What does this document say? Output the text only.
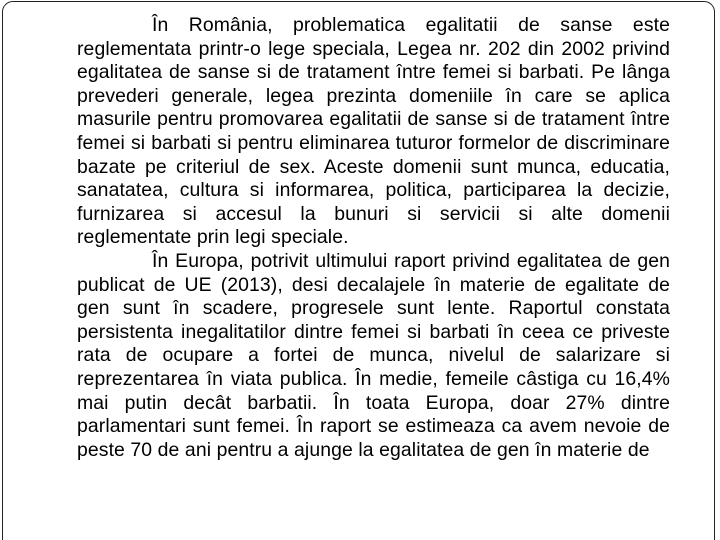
În România, problematica egalitatii de sanse este reglementata printr-o lege speciala, Legea nr. 202 din 2002 privind egalitatea de sanse si de tratament între femei si barbati. Pe lânga prevederi generale, legea prezinta domeniile în care se aplica masurile pentru promovarea egalitatii de sanse si de tratament între femei si barbati si pentru eliminarea tuturor formelor de discriminare bazate pe criteriul de sex. Aceste domenii sunt munca, educatia, sanatatea, cultura si informarea, politica, participarea la decizie, furnizarea si accesul la bunuri si servicii si alte domenii reglementate prin legi speciale.

În Europa, potrivit ultimului raport privind egalitatea de gen publicat de UE (2013), desi decalajele în materie de egalitate de gen sunt în scadere, progresele sunt lente. Raportul constata persistenta inegalitatilor dintre femei si barbati în ceea ce priveste rata de ocupare a fortei de munca, nivelul de salarizare si reprezentarea în viata publica. În medie, femeile câstiga cu 16,4% mai putin decât barbatii. În toata Europa, doar 27% dintre parlamentari sunt femei. În raport se estimeaza ca avem nevoie de peste 70 de ani pentru a ajunge la egalitatea de gen în materie de
